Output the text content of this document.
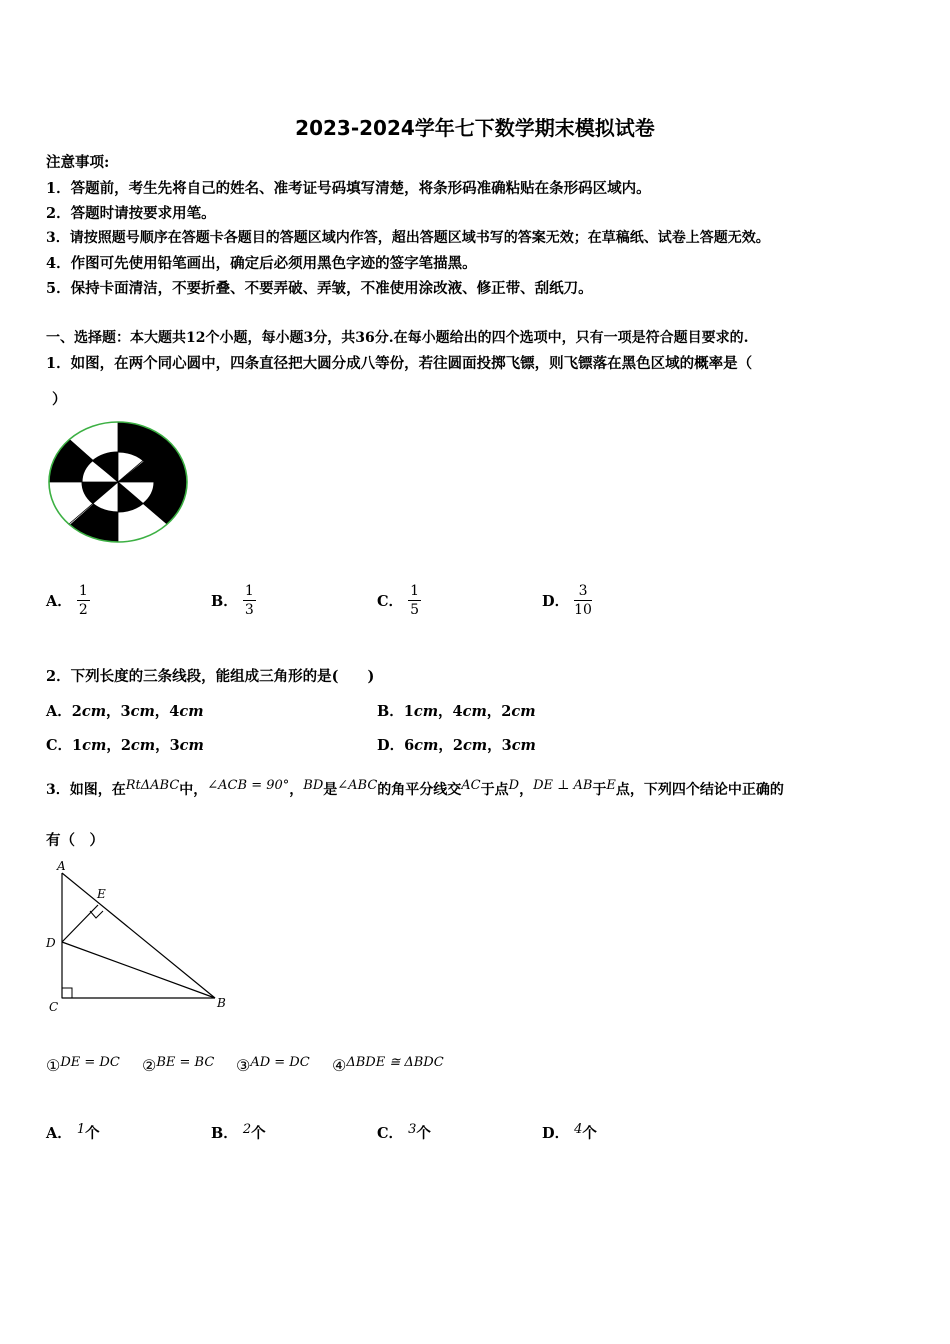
2023-2024学年七下数学期末模拟试卷
注意事项:
1．答题前，考生先将自己的姓名、准考证号码填写清楚，将条形码准确粘贴在条形码区域内。
2．答题时请按要求用笔。
3．请按照题号顺序在答题卡各题目的答题区域内作答，超出答题区域书写的答案无效；在草稿纸、试卷上答题无效。
4．作图可先使用铅笔画出，确定后必须用黑色字迹的签字笔描黑。
5．保持卡面清洁，不要折叠、不要弄破、弄皱，不准使用涂改液、修正带、刮纸刀。
一、选择题：本大题共12个小题，每小题3分，共36分.在每小题给出的四个选项中，只有一项是符合题目要求的.
1．如图，在两个同心圆中，四条直径把大圆分成八等份，若往圆面投掷飞镖，则飞镖落在黑色区域的概率是（
）
A． $\frac{1}{2}$	B． $\frac{1}{3}$	C． $\frac{1}{5}$	D． $\frac{3}{10}$
2．下列长度的三条线段，能组成三角形的是(　　)
A．2cm，3cm，4cm	B．1cm，4cm，2cm
C．1cm，2cm，3cm	D．6cm，2cm，3cm
3．如图，在RtΔABC中，∠ACB = 90°，BD是∠ABC的角平分线交AC于点D，DE ⊥ AB于E点，下列四个结论中正确的
有（　）
A
E
D
C	B
①DE = DC ②BE = BC ③AD = DC ④ΔBDE ≅ ΔBDC
A． 1个	B． 2个	C． 3个	D． 4个
